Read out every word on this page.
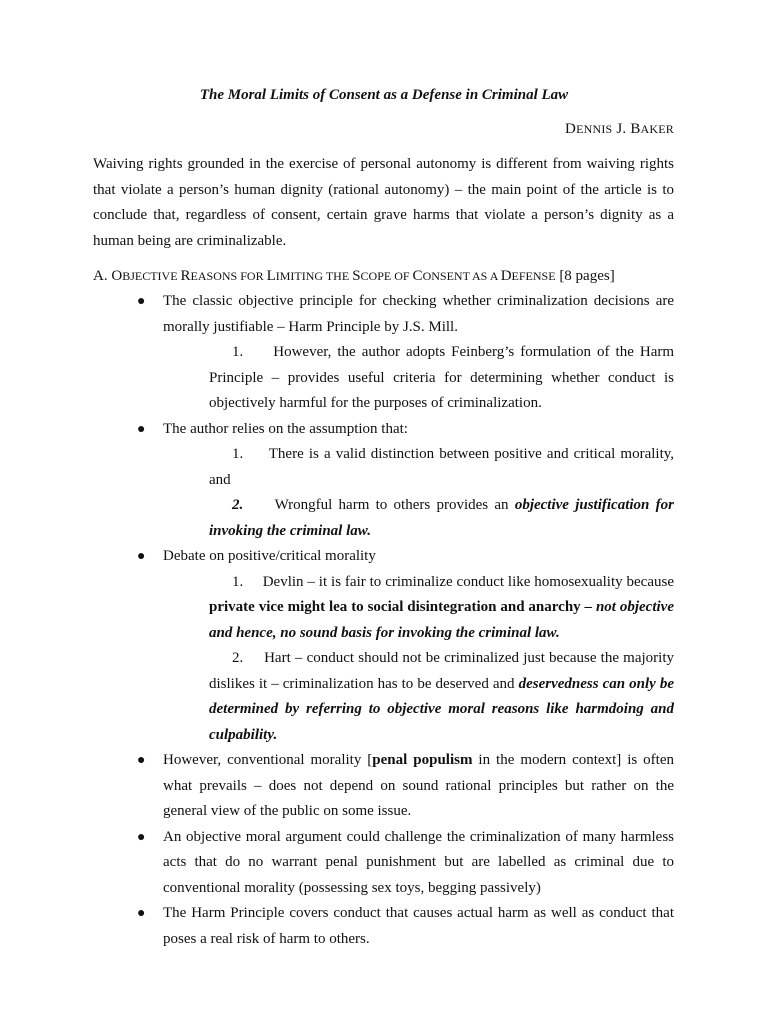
The Moral Limits of Consent as a Defense in Criminal Law
DENNIS J. BAKER

Waiving rights grounded in the exercise of personal autonomy is different from waiving rights that violate a person’s human dignity (rational autonomy) – the main point of the article is to conclude that, regardless of consent, certain grave harms that violate a person’s dignity as a human being are criminalizable.

A. OBJECTIVE REASONS FOR LIMITING THE SCOPE OF CONSENT AS A DEFENSE [8 pages]
● The classic objective principle for checking whether criminalization decisions are morally justifiable – Harm Principle by J.S. Mill.
1. However, the author adopts Feinberg’s formulation of the Harm Principle – provides useful criteria for determining whether conduct is objectively harmful for the purposes of criminalization.
● The author relies on the assumption that:
1. There is a valid distinction between positive and critical morality, and
2. Wrongful harm to others provides an objective justification for invoking the criminal law.
● Debate on positive/critical morality
1. Devlin – it is fair to criminalize conduct like homosexuality because private vice might lea to social disintegration and anarchy – not objective and hence, no sound basis for invoking the criminal law.
2. Hart – conduct should not be criminalized just because the majority dislikes it – criminalization has to be deserved and deservedness can only be determined by referring to objective moral reasons like harmdoing and culpability.
● However, conventional morality [penal populism in the modern context] is often what prevails – does not depend on sound rational principles but rather on the general view of the public on some issue.
● An objective moral argument could challenge the criminalization of many harmless acts that do no warrant penal punishment but are labelled as criminal due to conventional morality (possessing sex toys, begging passively)
● The Harm Principle covers conduct that causes actual harm as well as conduct that poses a real risk of harm to others.
